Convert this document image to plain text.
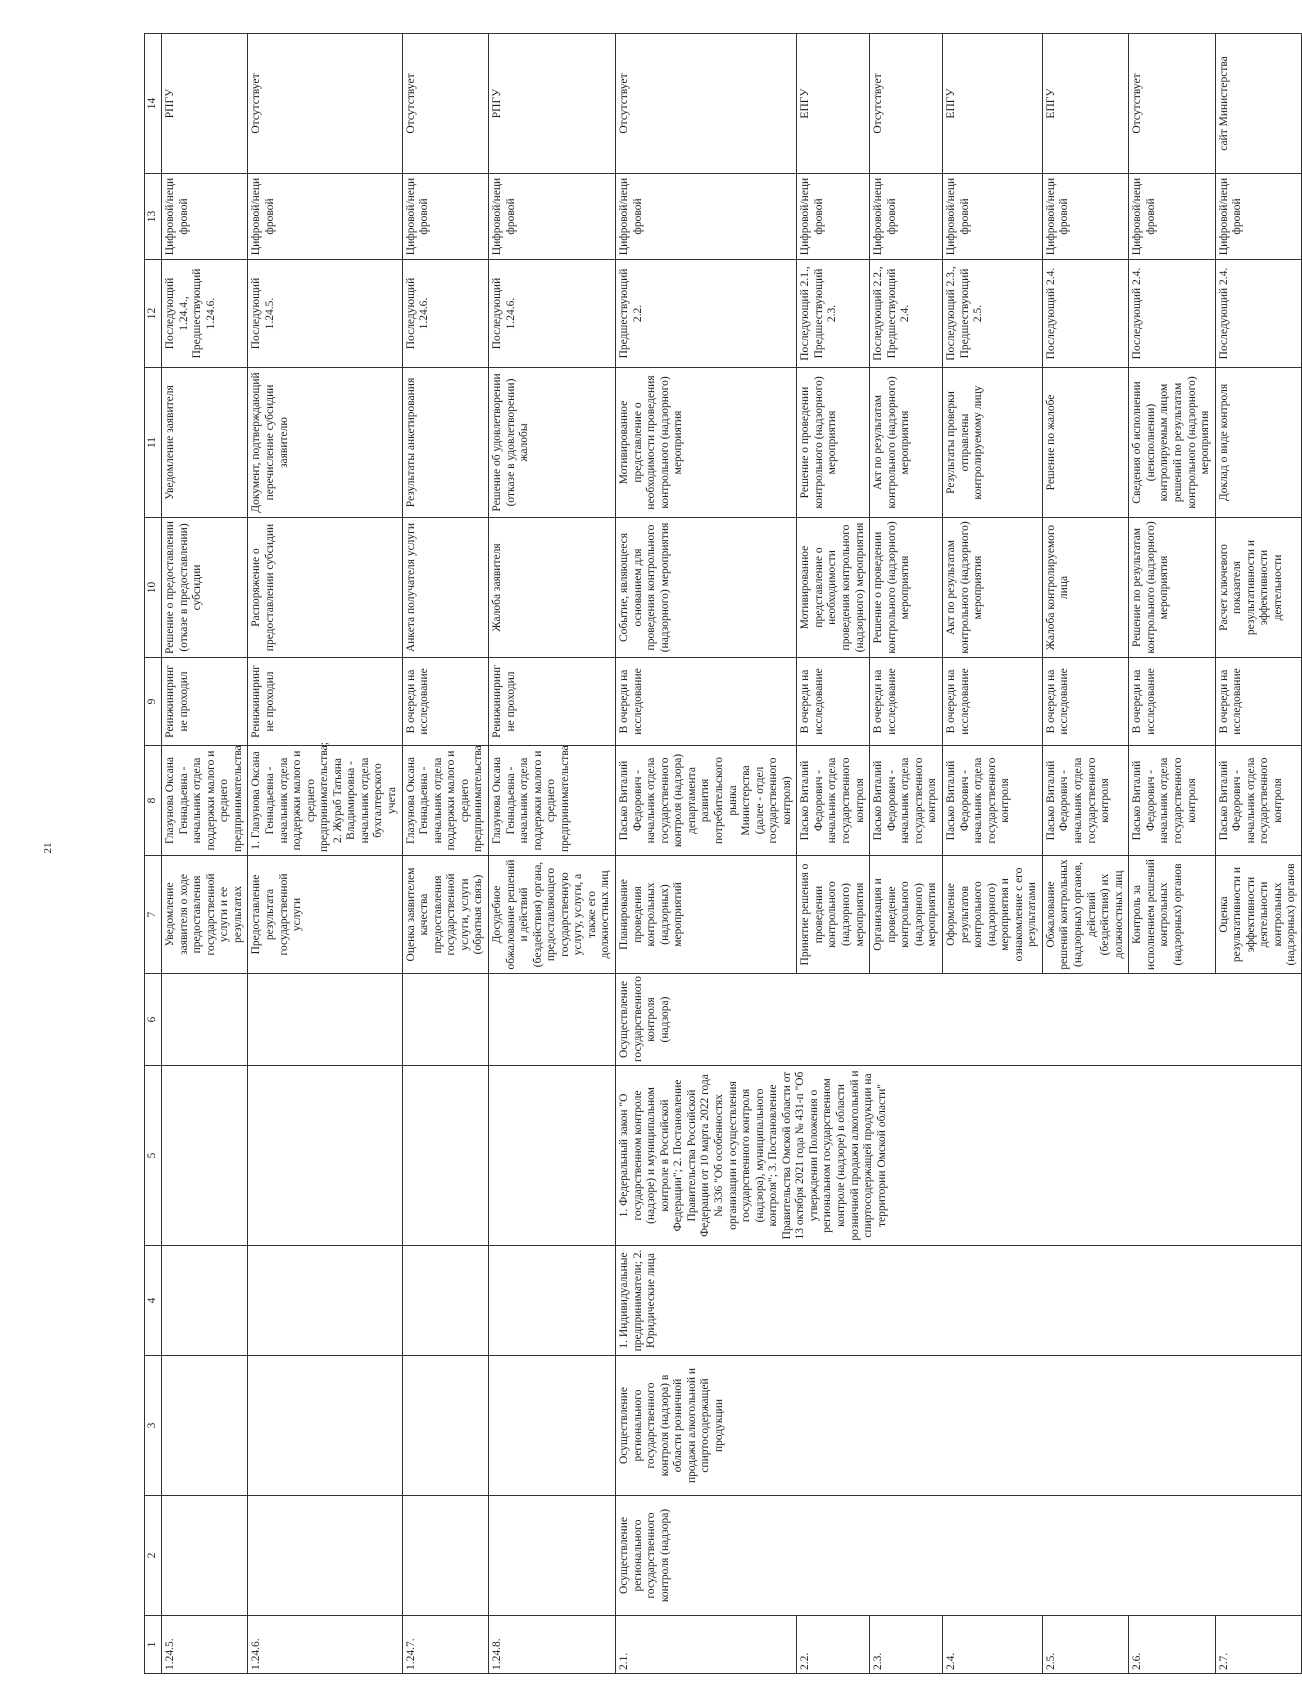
21
1	2	3	4	5	6	7	8	9	10	11	12	13	14
1.24.5.						Уведомление заявителя о ходе предоставления государственной услуги и ее результатах	Глазунова Оксана Геннадьевна - начальник отдела поддержки малого и среднего предпринимательства	Реинжиниринг не проходил	Решение о предоставлении (отказе в предоставлении) субсидии	Уведомление заявителя	Последующий 1.24.4., Предшествующий 1.24.6.	Цифровой/неци фровой	РПГУ
1.24.6.						Предоставление результата государственной услуги	1. Глазунова Оксана Геннадьевна - начальник отдела поддержки малого и среднего предпринимательства; 2. Жураб Татьяна Владимировна - начальник отдела бухгалтерского учета	Реинжиниринг не проходил	Распоряжение о предоставлении субсидии	Документ, подтверждающий перечисление субсидии заявителю	Последующий 1.24.5.	Цифровой/неци фровой	Отсутствует
1.24.7.						Оценка заявителем качества предоставления государственной услуги, услуги (обратная связь)	Глазунова Оксана Геннадьевна - начальник отдела поддержки малого и среднего предпринимательства	В очереди на исследование	Анкета получателя услуги	Результаты анкетирования	Последующий 1.24.6.	Цифровой/неци фровой	Отсутствует
1.24.8.						Досудебное обжалование решений и действий (бездействия) органа, предоставляющего государственную услугу, услуги, а также его должностных лиц	Глазунова Оксана Геннадьевна - начальник отдела поддержки малого и среднего предпринимательства	Реинжиниринг не проходил	Жалоба заявителя	Решение об удовлетворении (отказе в удовлетворении) жалобы	Последующий 1.24.6.	Цифровой/неци фровой	РПГУ
2.1.	Осуществление регионального государственного контроля (надзора)	Осуществление регионального государственного контроля (надзора) в области розничной продажи алкогольной и спиртосодержащей продукции	1. Индивидуальные предприниматели; 2. Юридические лица	1. Федеральный закон "О государственном контроле (надзоре) и муниципальном контроле в Российской Федерации"; 2. Постановление Правительства Российской Федерации от 10 марта 2022 года № 336 "Об особенностях организации и осуществления государственного контроля (надзора), муниципального контроля"; 3. Постановление Правительства Омской области от 13 октября 2021 года № 431-п "Об утверждении Положения о региональном государственном контроле (надзоре) в области розничной продажи алкогольной и спиртосодержащей продукции на территории Омской области"	Осуществление государственного контроля (надзора)	Планирование проведения контрольных (надзорных) мероприятий	Пасько Виталий Федорович - начальник отдела государственного контроля (надзора) департамента развития потребительского рынка Министерства (далее - отдел государственного контроля)	В очереди на исследование	Событие, являющееся основанием для проведения контрольного (надзорного) мероприятия	Мотивированное представление о необходимости проведения контрольного (надзорного) мероприятия	Предшествующий 2.2.	Цифровой/неци фровой	Отсутствует
2.2.						Принятие решения о проведении контрольного (надзорного) мероприятия	Пасько Виталий Федорович - начальник отдела государственного контроля	В очереди на исследование	Мотивированное представление о необходимости проведения контрольного (надзорного) мероприятия	Решение о проведении контрольного (надзорного) мероприятия	Последующий 2.1., Предшествующий 2.3.	Цифровой/неци фровой	ЕПГУ
2.3.						Организация и проведение контрольного (надзорного) мероприятия	Пасько Виталий Федорович - начальник отдела государственного контроля	В очереди на исследование	Решение о проведении контрольного (надзорного) мероприятия	Акт по результатам контрольного (надзорного) мероприятия	Последующий 2.2., Предшествующий 2.4.	Цифровой/неци фровой	Отсутствует
2.4.						Оформление результатов контрольного (надзорного) мероприятия и ознакомление с его результатами	Пасько Виталий Федорович - начальник отдела государственного контроля	В очереди на исследование	Акт по результатам контрольного (надзорного) мероприятия	Результаты проверки отправлены контролируемому лицу	Последующий 2.3., Предшествующий 2.5.	Цифровой/неци фровой	ЕПГУ
2.5.						Обжалование решений контрольных (надзорных) органов, действий (бездействия) их должностных лиц	Пасько Виталий Федорович - начальник отдела государственного контроля	В очереди на исследование	Жалоба контролируемого лица	Решение по жалобе	Последующий 2.4.	Цифровой/неци фровой	ЕПГУ
2.6.						Контроль за исполнением решений контрольных (надзорных) органов	Пасько Виталий Федорович - начальник отдела государственного контроля	В очереди на исследование	Решение по результатам контрольного (надзорного) мероприятия	Сведения об исполнении (неисполнении) контролируемым лицом решений по результатам контрольного (надзорного) мероприятия	Последующий 2.4.	Цифровой/неци фровой	Отсутствует
2.7.						Оценка результативности и эффективности деятельности контрольных (надзорных) органов	Пасько Виталий Федорович - начальник отдела государственного контроля	В очереди на исследование	Расчет ключевого показателя результативности и эффективности деятельности	Доклад о виде контроля	Последующий 2.4.	Цифровой/неци фровой	сайт Министерства
